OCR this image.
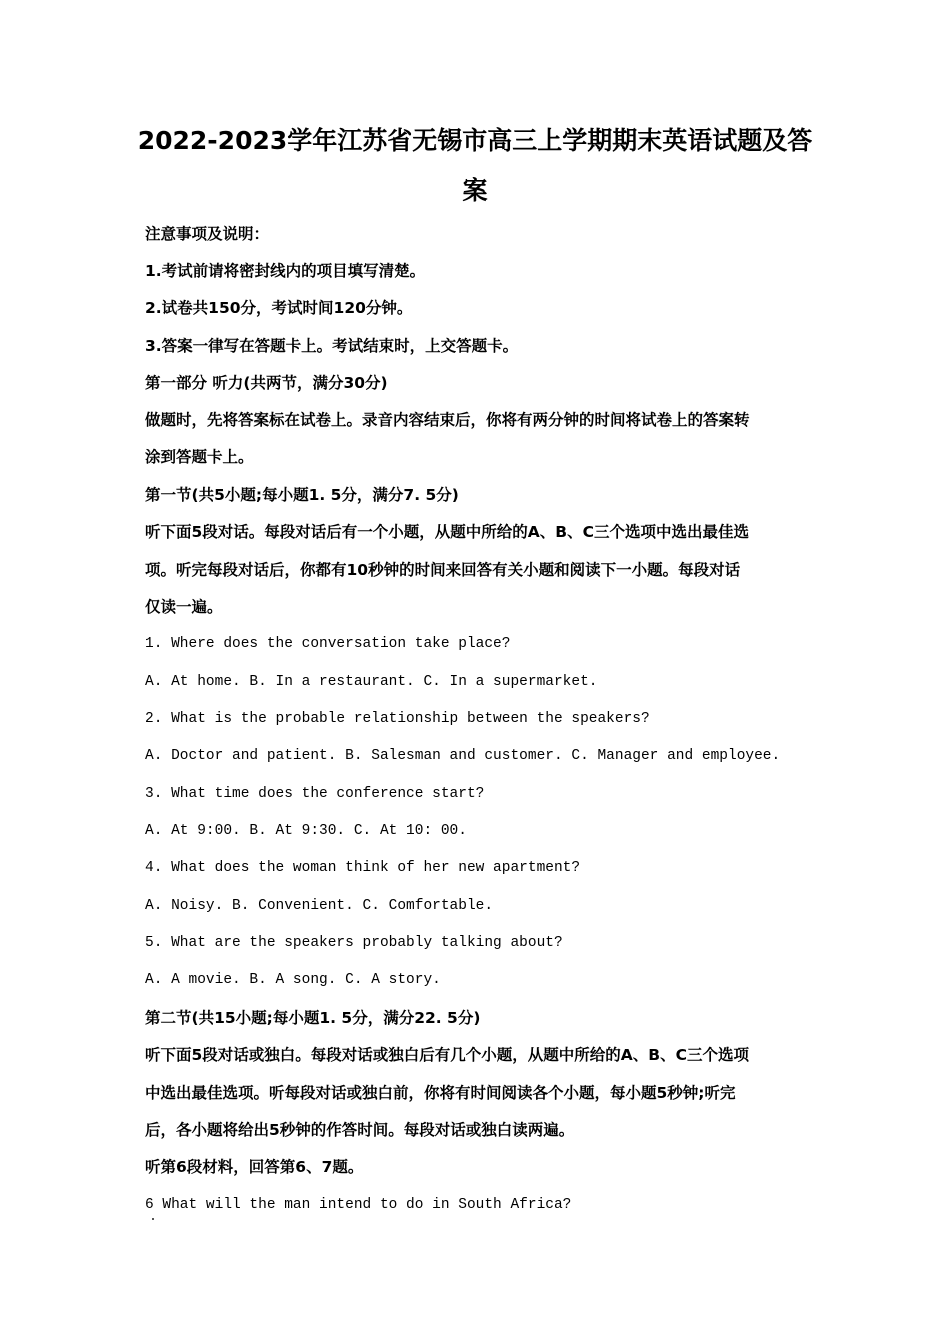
2022-2023学年江苏省无锡市高三上学期期末英语试题及答
案
注意事项及说明：
1.考试前请将密封线内的项目填写清楚。
2.试卷共150分，考试时间120分钟。
3.答案一律写在答题卡上。考试结束时，上交答题卡。
第一部分 听力(共两节，满分30分)
做题时，先将答案标在试卷上。录音内容结束后，你将有两分钟的时间将试卷上的答案转
涂到答题卡上。
第一节(共5小题;每小题1. 5分，满分7. 5分)
听下面5段对话。每段对话后有一个小题，从题中所给的A、B、C三个选项中选出最佳选
项。听完每段对话后，你都有10秒钟的时间来回答有关小题和阅读下一小题。每段对话
仅读一遍。
1. Where does the conversation take place?
A. At home. B. In a restaurant. C. In a supermarket.
2. What is the probable relationship between the speakers?
A. Doctor and patient. B. Salesman and customer. C. Manager and employee.
3. What time does the conference start?
A. At 9:00. B. At 9:30. C. At 10: 00.
4. What does the woman think of her new apartment?
A. Noisy. B. Convenient. C. Comfortable.
5. What are the speakers probably talking about?
A. A movie. B. A song. C. A story.
第二节(共15小题;每小题1. 5分，满分22. 5分)
听下面5段对话或独白。每段对话或独白后有几个小题，从题中所给的A、B、C三个选项
中选出最佳选项。听每段对话或独白前，你将有时间阅读各个小题，每小题5秒钟;听完
后，各小题将给出5秒钟的作答时间。每段对话或独白读两遍。
听第6段材料，回答第6、7题。
6 What will the man intend to do in South Africa?
